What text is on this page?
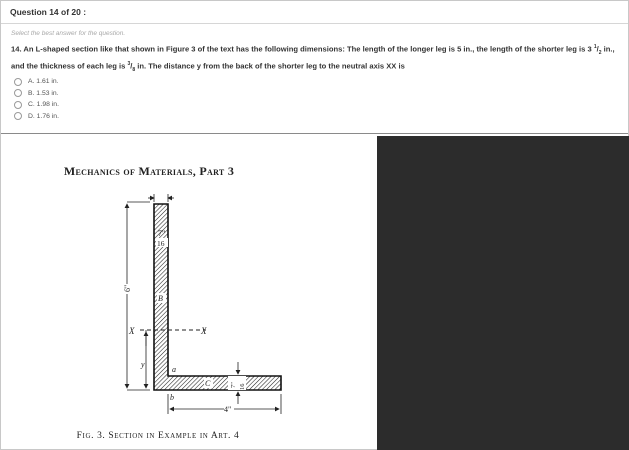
Question 14 of 20 :
Select the best answer for the question.
14. An L-shaped section like that shown in Figure 3 of the text has the following dimensions: The length of the longer leg is 5 in., the length of the shorter leg is 3 $^1/_2$ in., and the thickness of each leg is $^3/_8$ in. The distance y from the back of the shorter leg to the neutral axis XX is
A. 1.61 in.
B. 1.53 in.
C. 1.98 in.
D. 1.76 in.
Mechanics of Materials, Part 3
7"
16
6"
X	X
y
B
C
a
b
7" 16
4"
Fig. 3. Section in Example in Art. 4
